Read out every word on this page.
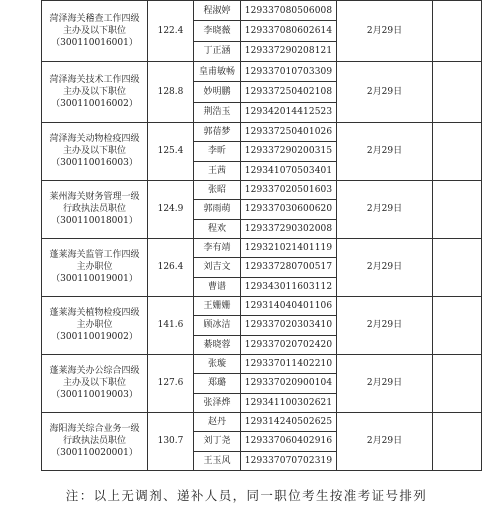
菏泽海关稽查工作四级
主办及以下职位
（300110016001）	122.4	程淑婷	129337080506008	2月29日	
		李晓薇	129337080602614		
		丁正涵	129337290208121		

菏泽海关技术工作四级
主办及以下职位
（300110016002）	128.8	皇甫敏畅	129337010703309	2月29日	
		妙明鹏	129337250402108		
		荆浩玉	129342014412523		

菏泽海关动物检疫四级
主办及以下职位
（300110016003）	125.4	郭蓓梦	129337250401026	2月29日	
		李昕	129337290200315		
		王茜	129341070503401		

莱州海关财务管理一级
行政执法员职位
（300110018001）	124.9	张昭	129337020501603	2月29日	
		郭雨萌	129337030600620		
		程欢	129337290302008		

蓬莱海关监管工作四级
主办职位
（300110019001）	126.4	李有靖	129321021401119	2月29日	
		刘吉文	129337280700517		
		曹谱	129343011603112		

蓬莱海关植物检疫四级
主办职位
（300110019002）	141.6	王姗姗	129314040401106	2月29日	
		顾冰洁	129337020303410		
		綦晓蓉	129337020702420		

蓬莱海关办公综合四级
主办及以下职位
（300110019003）	127.6	张璇	129337011402210	2月29日	
		郑璐	129337020900104		
		张泽烨	129341100302621		

海阳海关综合业务一级
行政执法员职位
（300110020001）	130.7	赵丹	129314240502625	2月29日	
		刘丁尧	129337060402916		
		王玉风	129337070702319		
注：以上无调剂、递补人员，同一职位考生按准考证号排列
